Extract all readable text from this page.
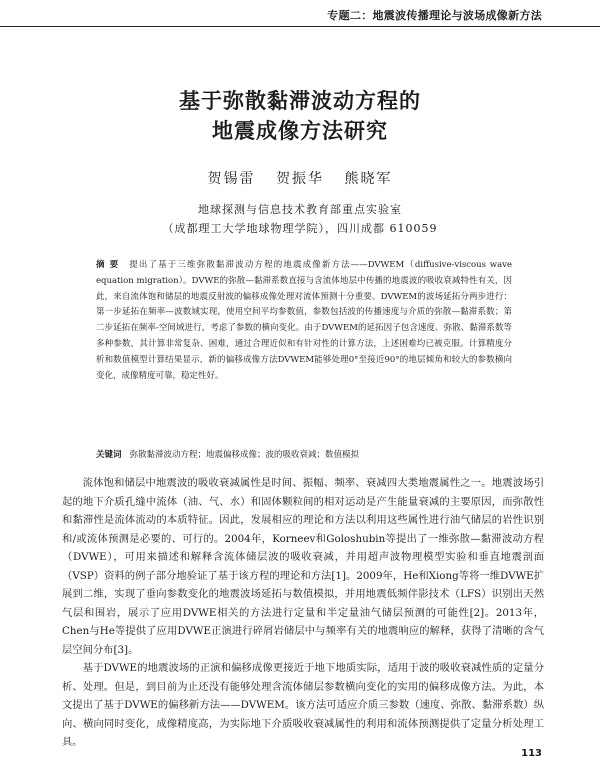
专题二：地震波传播理论与波场成像新方法
基于弥散黏滞波动方程的
地震成像方法研究
贺锡雷 贺振华 熊晓军
地球探测与信息技术教育部重点实验室
（成都理工大学地球物理学院），四川成都 610059
摘要 提出了基于三维弥散黏滞波动方程的地震成像新方法——DVWEM（diffusive-viscous wave equation migration）。DVWE的弥散—黏滞系数直接与含流体地层中传播的地震波的吸收衰减特性有关，因此，来自流体饱和储层的地震反射波的偏移成像处理对流体预测十分重要。DVWEM的波场延拓分两步进行：第一步延拓在频率—波数域实现，使用空间平均参数值，参数包括波的传播速度与介质的弥散—黏滞系数；第二步延拓在频率-空间域进行，考虑了参数的横向变化。由于DVWEM的延拓因子包含速度、弥散、黏滞系数等多种参数，其计算非常复杂、困难，通过合理近似和有针对性的计算方法，上述困难均已被克服。计算精度分析和数值模型计算结果显示，新的偏移成像方法DVWEM能够处理0°至接近90°的地层倾角和较大的参数横向变化，成像精度可靠，稳定性好。
关键词 弥散黏滞波动方程；地震偏移成像；波的吸收衰减；数值模拟

流体饱和储层中地震波的吸收衰减属性是时间、振幅、频率、衰减四大类地震属性之一。地震波场引起的地下介质孔缝中流体（油、气、水）和固体颗粒间的相对运动是产生能量衰减的主要原因，而弥散性和黏滞性是流体流动的本质特征。因此，发展相应的理论和方法以利用这些属性进行油气储层的岩性识别和/或流体预测是必要的、可行的。2004年，Korneev和Goloshubin等提出了一维弥散—黏滞波动方程（DVWE），可用来描述和解释含流体储层波的吸收衰减，并用超声波物理模型实验和垂直地震剖面（VSP）资料的例子部分地验证了基于该方程的理论和方法[1]。2009年，He和Xiong等将一维DVWE扩展到二维，实现了垂向参数变化的地震波场延拓与数值模拟，并用地震低频伴影技术（LFS）识别出天然气层和围岩，展示了应用DVWE相关的方法进行定量和半定量油气储层预测的可能性[2]。2013年，Chen与He等提供了应用DVWE正演进行碎屑岩储层中与频率有关的地震响应的解释，获得了清晰的含气层空间分布[3]。

基于DVWE的地震波场的正演和偏移成像更接近于地下地质实际，适用于波的吸收衰减性质的定量分析、处理。但是，到目前为止还没有能够处理含流体储层参数横向变化的实用的偏移成像方法。为此，本文提出了基于DVWE的偏移新方法——DVWEM。该方法可适应介质三参数（速度、弥散、黏滞系数）纵向、横向同时变化，成像精度高，为实际地下介质吸收衰减属性的利用和流体预测提供了定量分析处理工具。

113
